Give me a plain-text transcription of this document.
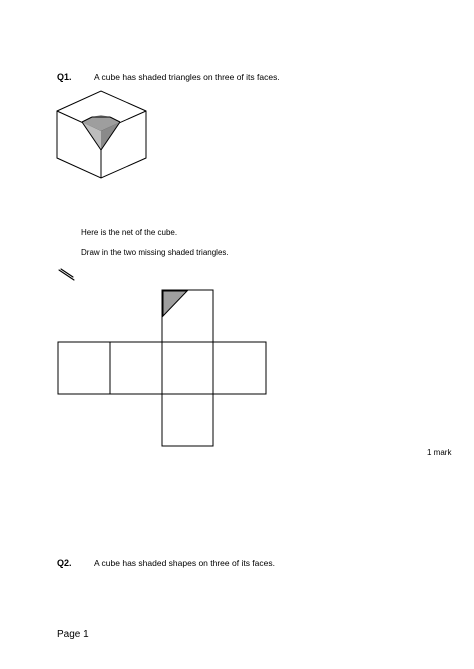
Q1.	A cube has shaded triangles on three of its faces.
Here is the net of the cube.
Draw in the two missing shaded triangles.
1 mark
Q2.	A cube has shaded shapes on three of its faces.
Page 1
